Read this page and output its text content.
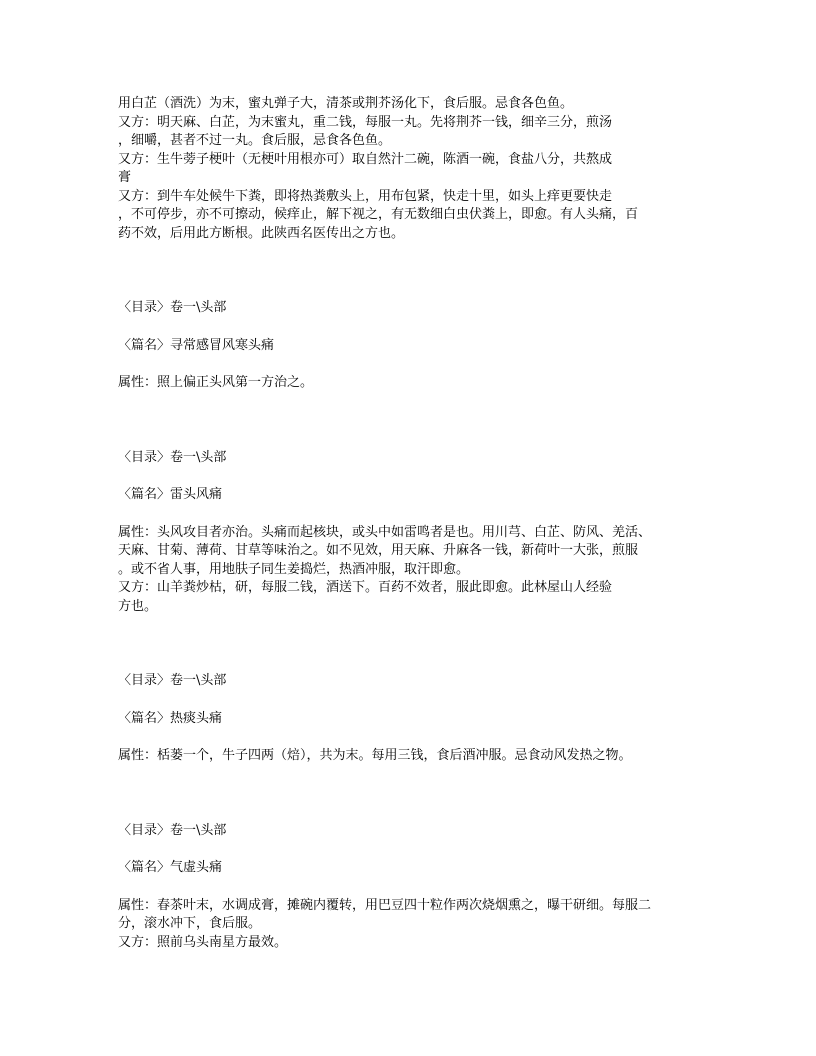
用白芷（酒洗）为末，蜜丸弹子大，清茶或荆芥汤化下，食后服。忌食各色鱼。
又方：明天麻、白芷，为末蜜丸，重二钱，每服一丸。先将荆芥一钱，细辛三分，煎汤
，细嚼，甚者不过一丸。食后服，忌食各色鱼。
又方：生牛蒡子梗叶（无梗叶用根亦可）取自然汁二碗，陈酒一碗，食盐八分，共熬成
膏
又方：到牛车处候牛下粪，即将热粪敷头上，用布包紧，快走十里，如头上痒更要快走
，不可停步，亦不可擦动，候痒止，解下视之，有无数细白虫伏粪上，即愈。有人头痛，百
药不效，后用此方断根。此陕西名医传出之方也。
〈目录〉卷一\头部
〈篇名〉寻常感冒风寒头痛
属性：照上偏正头风第一方治之。
〈目录〉卷一\头部
〈篇名〉雷头风痛
属性：头风攻目者亦治。头痛而起核块，或头中如雷鸣者是也。用川芎、白芷、防风、羌活、
天麻、甘菊、薄荷、甘草等味治之。如不见效，用天麻、升麻各一钱，新荷叶一大张，煎服
。或不省人事，用地肤子同生姜捣烂，热酒冲服，取汗即愈。
又方：山羊粪炒枯，研，每服二钱，酒送下。百药不效者，服此即愈。此林屋山人经验
方也。
〈目录〉卷一\头部
〈篇名〉热痰头痛
属性：栝蒌一个，牛子四两（焙），共为末。每用三钱，食后酒冲服。忌食动风发热之物。
〈目录〉卷一\头部
〈篇名〉气虚头痛
属性：春茶叶末，水调成膏，摊碗内覆转，用巴豆四十粒作两次烧烟熏之，曝干研细。每服二
分，滚水冲下，食后服。
又方：照前乌头南星方最效。
